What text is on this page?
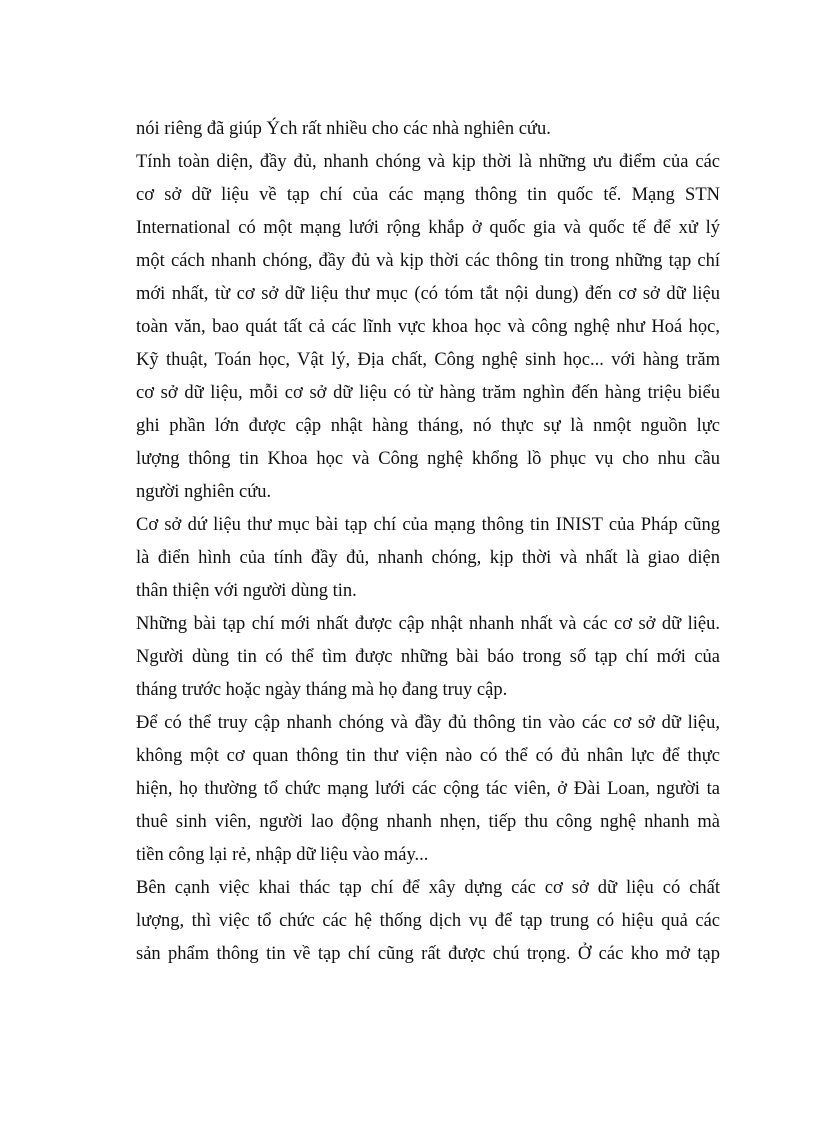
nói riêng đã giúp Ých rất nhiều cho các nhà nghiên cứu.
Tính toàn diện, đầy đủ, nhanh chóng và kịp thời là những ưu điểm của các
cơ sở dữ liệu về tạp chí của các mạng thông tin quốc tế. Mạng STN
International có một mạng lưới rộng khắp ở quốc gia và quốc tế để xử lý
một cách nhanh chóng, đầy đủ và kịp thời các thông tin trong những tạp chí
mới nhất, từ cơ sở dữ liệu thư mục (có tóm tắt nội dung) đến cơ sở dữ liệu
toàn văn, bao quát tất cả các lĩnh vực khoa học và công nghệ như Hoá học,
Kỹ thuật, Toán học, Vật lý, Địa chất, Công nghệ sinh học... với hàng trăm
cơ sở dữ liệu, mỗi cơ sở dữ liệu có từ hàng trăm nghìn đến hàng triệu biểu
ghi phần lớn được cập nhật hàng tháng, nó thực sự là nmột nguồn lực
lượng thông tin Khoa học và Công nghệ khổng lồ phục vụ cho nhu cầu
người nghiên cứu.
Cơ sở dứ liệu thư mục bài tạp chí của mạng thông tin INIST của Pháp cũng
là điển hình của tính đầy đủ, nhanh chóng, kịp thời và nhất là giao diện
thân thiện với người dùng tin.
Những bài tạp chí mới nhất được cập nhật nhanh nhất và các cơ sở dữ liệu.
Người dùng tin có thể tìm được những bài báo trong số tạp chí mới của
tháng trước hoặc ngày tháng mà họ đang truy cập.
Để có thể truy cập nhanh chóng và đầy đủ thông tin vào các cơ sở dữ liệu,
không một cơ quan thông tin thư viện nào có thể có đủ nhân lực để thực
hiện, họ thường tổ chức mạng lưới các cộng tác viên, ở Đài Loan, người ta
thuê sinh viên, người lao động nhanh nhẹn, tiếp thu công nghệ nhanh mà
tiền công lại rẻ, nhập dữ liệu vào máy...
Bên cạnh việc khai thác tạp chí để xây dựng các cơ sở dữ liệu có chất
lượng, thì việc tổ chức các hệ thống dịch vụ để tạp trung có hiệu quả các
sản phẩm thông tin về tạp chí cũng rất được chú trọng. Ở các kho mở tạp
